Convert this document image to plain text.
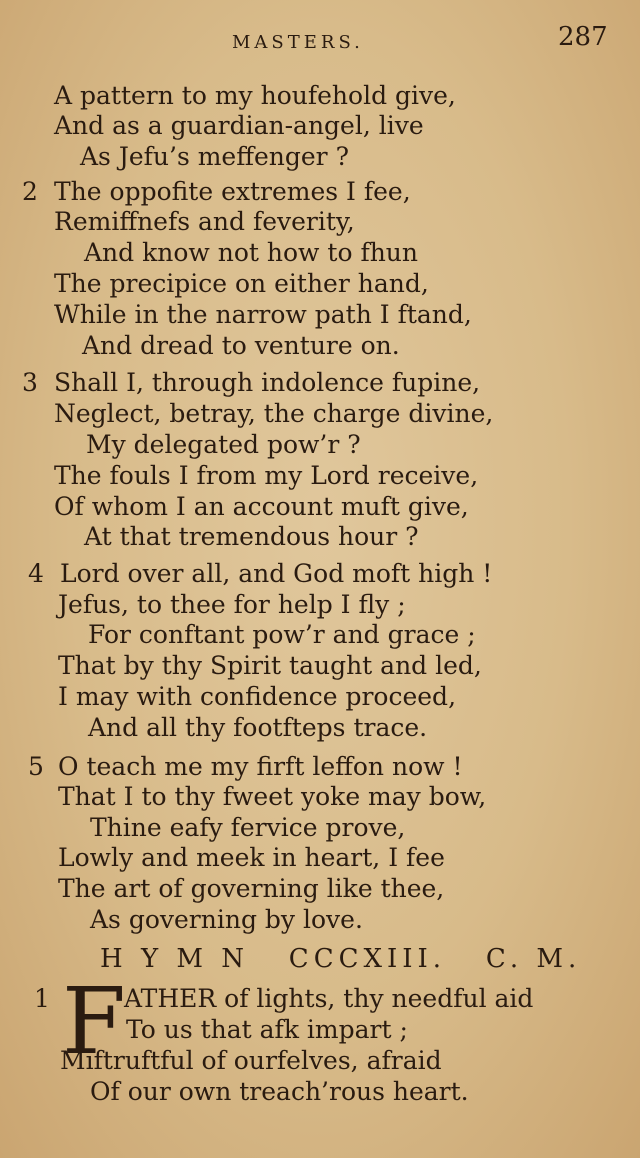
MASTERS.	287
A pattern to my houfehold give,
And as a guardian-angel, live
As Jefu’s meffenger ?
2 The oppofite extremes I fee,
Remiffnefs and feverity,
And know not how to fhun
The precipice on either hand,
While in the narrow path I ftand,
And dread to venture on.
3 Shall I, through indolence fupine,
Neglect, betray, the charge divine,
My delegated pow’r ?
The fouls I from my Lord receive,
Of whom I an account muft give,
At that tremendous hour ?
4 Lord over all, and God moft high !
Jefus, to thee for help I fly ;
For conftant pow’r and grace ;
That by thy Spirit taught and led,
I may with confidence proceed,
And all thy footfteps trace.
5 O teach me my firft leffon now !
That I to thy fweet yoke may bow,
Thine eafy fervice prove,
Lowly and meek in heart, I fee
The art of governing like thee,
As governing by love.
H Y M N   CCCXIII.   C. M.
1 F
ATHER of lights, thy needful aid
To us that afk impart ;
Miftruftful of ourfelves, afraid
Of our own treach’rous heart.
